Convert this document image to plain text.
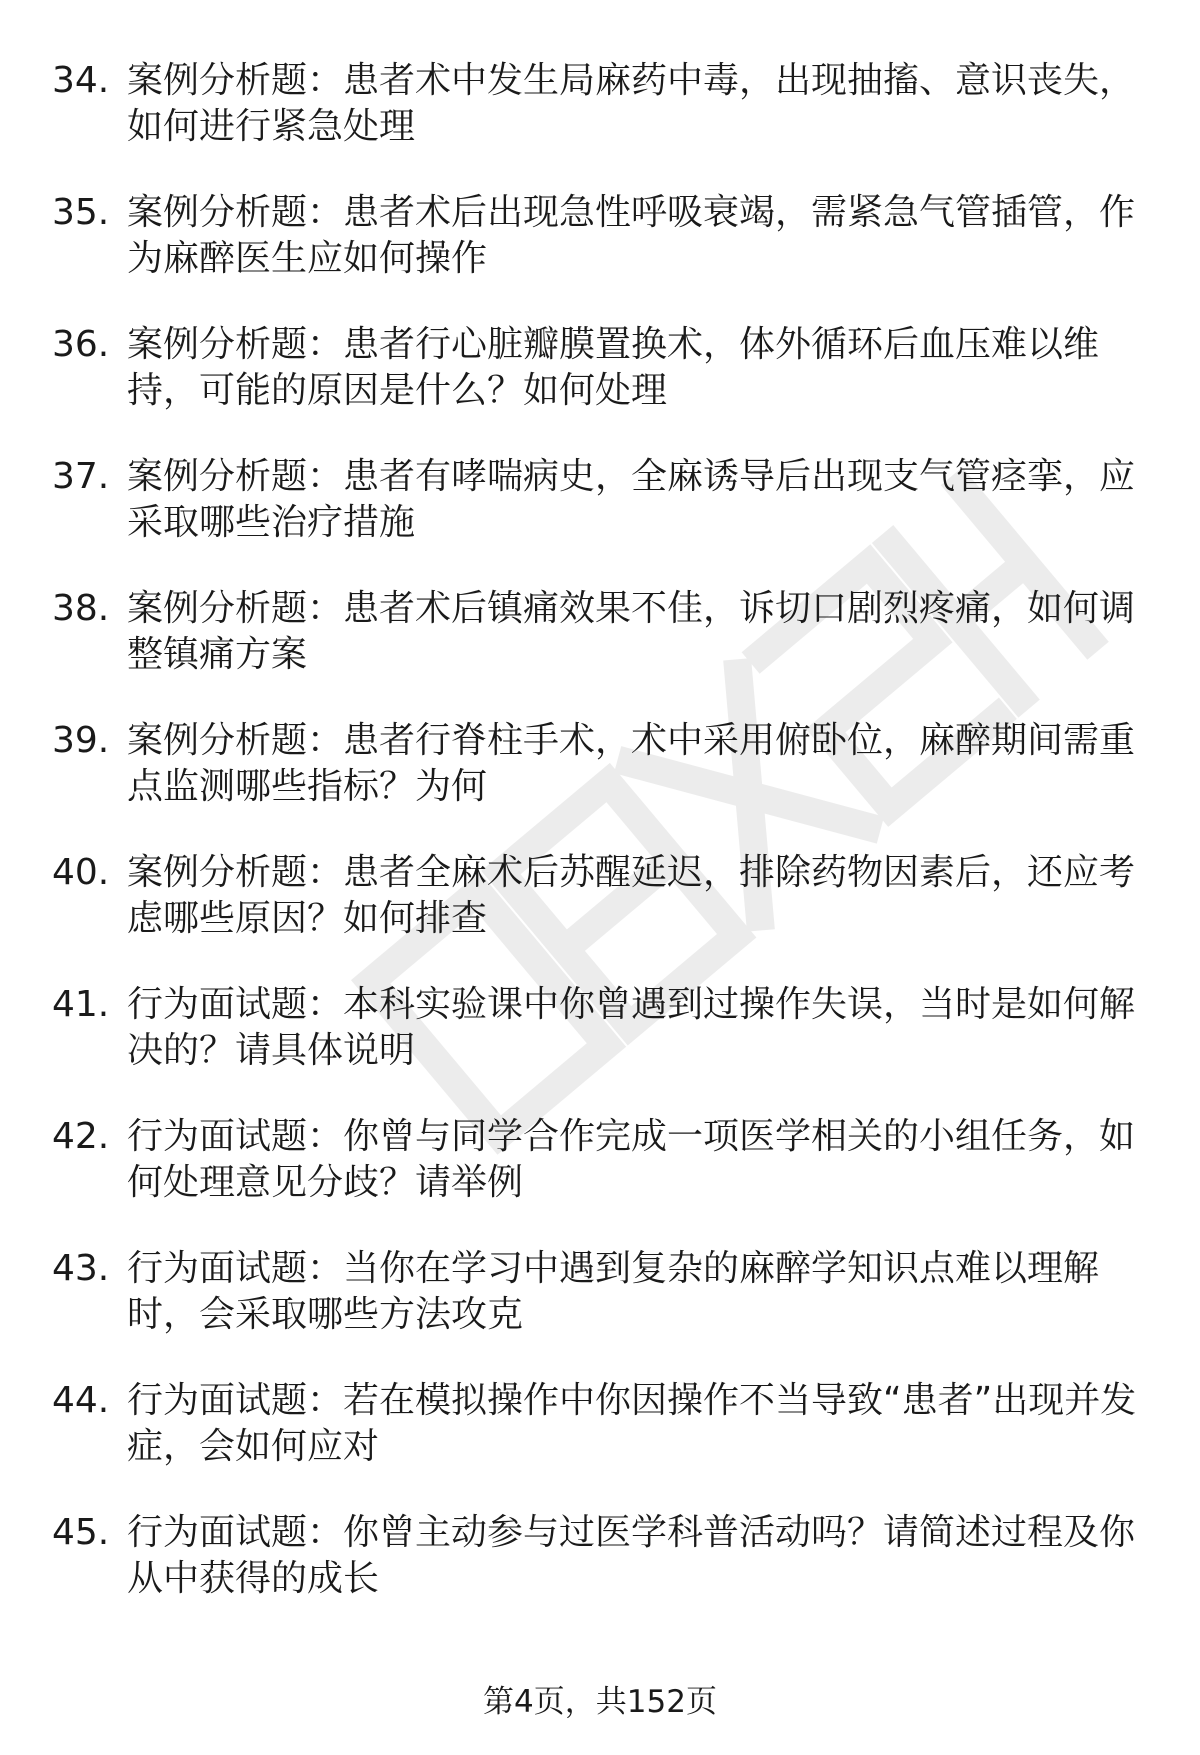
34. 案例分析题：患者术中发生局麻药中毒，出现抽搐、意识丧失，如何进行紧急处理
35. 案例分析题：患者术后出现急性呼吸衰竭，需紧急气管插管，作为麻醉医生应如何操作
36. 案例分析题：患者行心脏瓣膜置换术，体外循环后血压难以维持，可能的原因是什么？如何处理
37. 案例分析题：患者有哮喘病史，全麻诱导后出现支气管痉挛，应采取哪些治疗措施
38. 案例分析题：患者术后镇痛效果不佳，诉切口剧烈疼痛，如何调整镇痛方案
39. 案例分析题：患者行脊柱手术，术中采用俯卧位，麻醉期间需重点监测哪些指标？为何
40. 案例分析题：患者全麻术后苏醒延迟，排除药物因素后，还应考虑哪些原因？如何排查
41. 行为面试题：本科实验课中你曾遇到过操作失误，当时是如何解决的？请具体说明
42. 行为面试题：你曾与同学合作完成一项医学相关的小组任务，如何处理意见分歧？请举例
43. 行为面试题：当你在学习中遇到复杂的麻醉学知识点难以理解时，会采取哪些方法攻克
44. 行为面试题：若在模拟操作中你因操作不当导致“患者”出现并发症，会如何应对
45. 行为面试题：你曾主动参与过医学科普活动吗？请简述过程及你从中获得的成长
第4页，共152页
